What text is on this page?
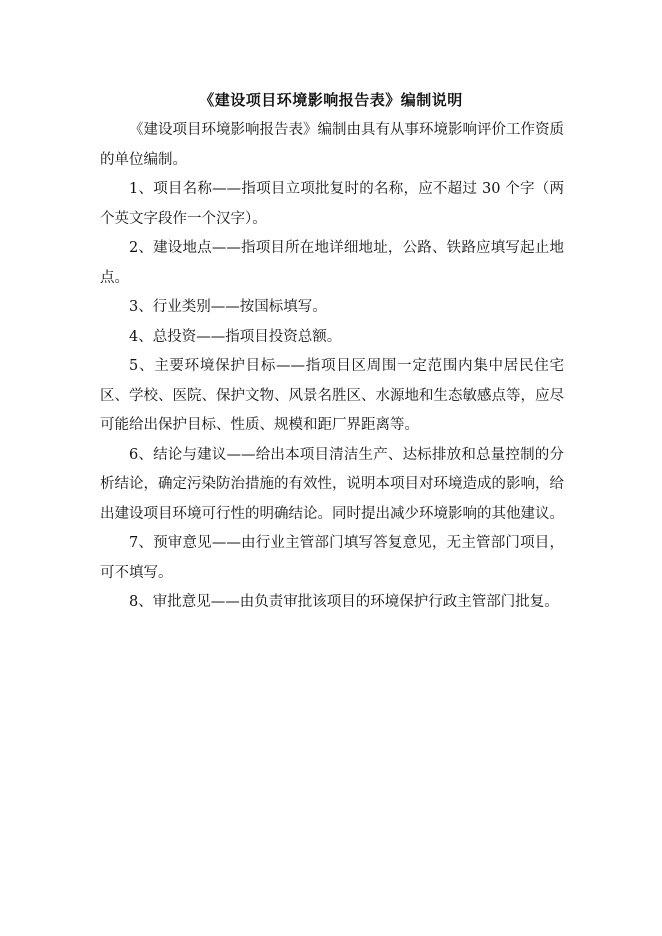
《建设项目环境影响报告表》编制说明

《建设项目环境影响报告表》编制由具有从事环境影响评价工作资质的单位编制。

1、项目名称——指项目立项批复时的名称，应不超过 30 个字（两个英文字段作一个汉字）。

2、建设地点——指项目所在地详细地址，公路、铁路应填写起止地点。

3、行业类别——按国标填写。

4、总投资——指项目投资总额。

5、主要环境保护目标——指项目区周围一定范围内集中居民住宅区、学校、医院、保护文物、风景名胜区、水源地和生态敏感点等，应尽可能给出保护目标、性质、规模和距厂界距离等。

6、结论与建议——给出本项目清洁生产、达标排放和总量控制的分析结论，确定污染防治措施的有效性，说明本项目对环境造成的影响，给出建设项目环境可行性的明确结论。同时提出减少环境影响的其他建议。

7、预审意见——由行业主管部门填写答复意见，无主管部门项目，可不填写。

8、审批意见——由负责审批该项目的环境保护行政主管部门批复。
